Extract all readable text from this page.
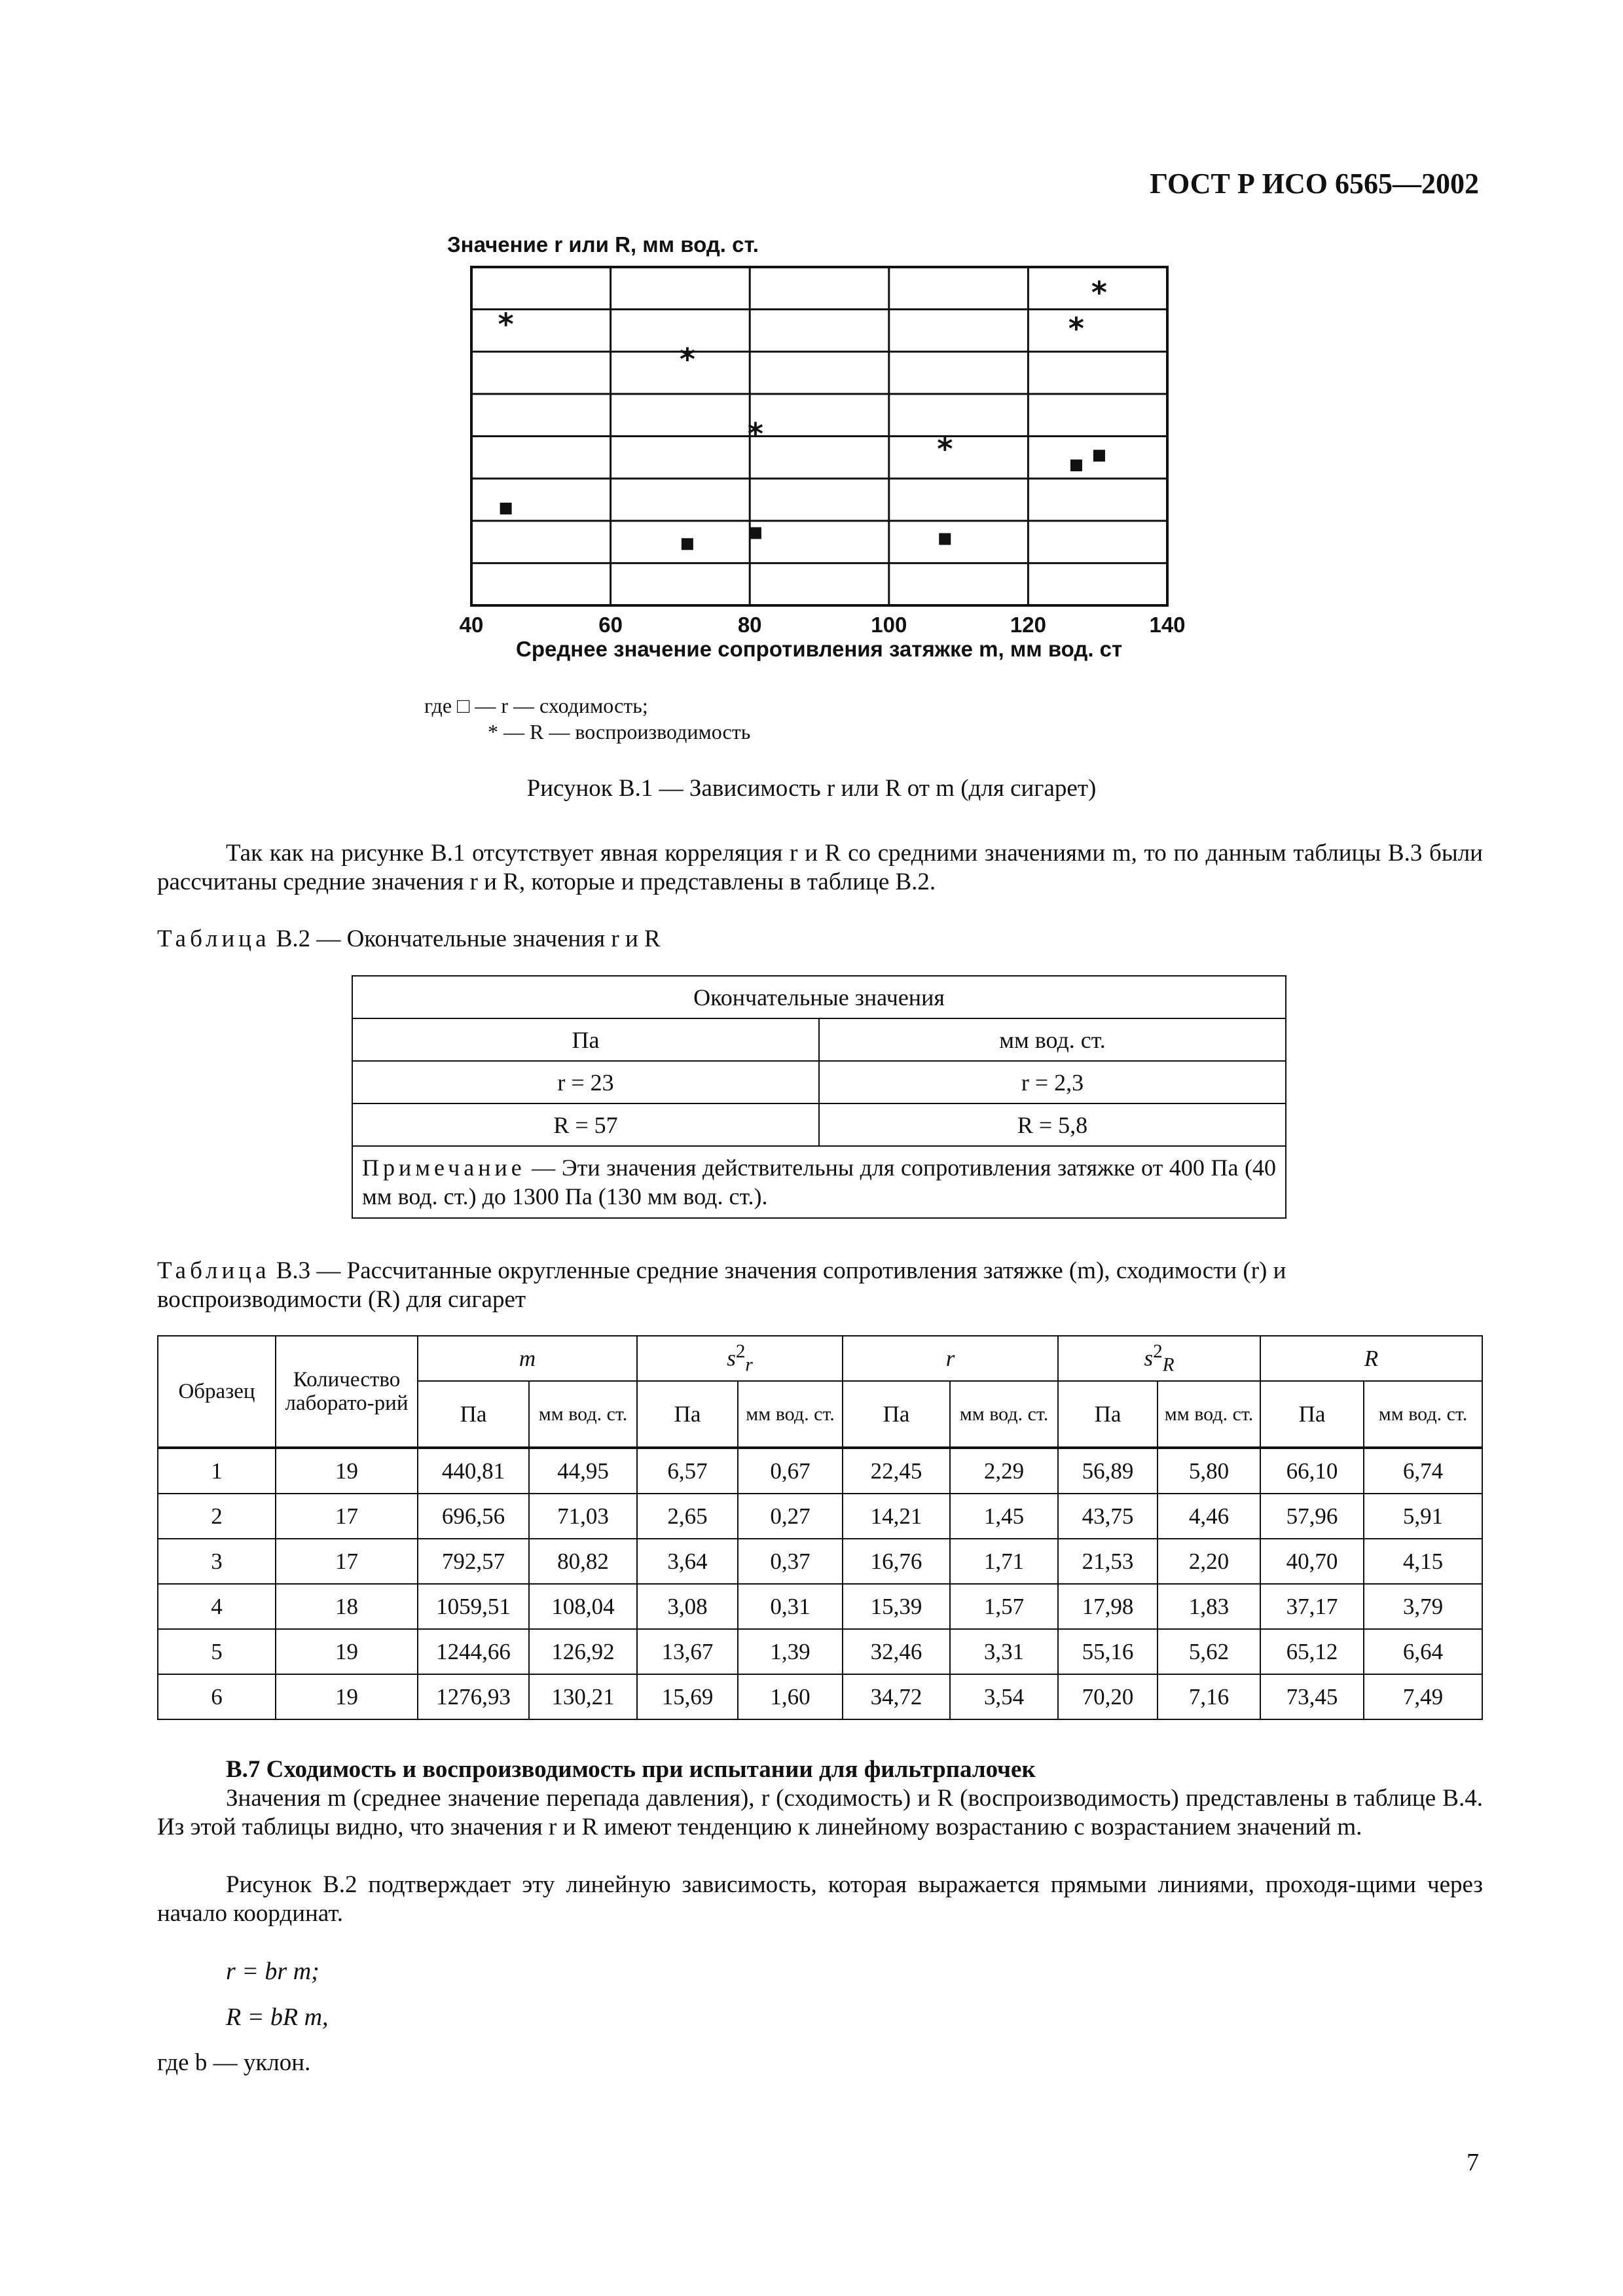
ГОСТ Р ИСО 6565—2002
Значение r или R, мм вод. ст.
40	60	80	100	120	140
*
*
*	*
*
*
Среднее значение сопротивления затяжке m, мм вод. ст
где □ — r — сходимость;
* — R — воспроизводимость
Рисунок В.1 — Зависимость r или R от m (для сигарет)
Так как на рисунке В.1 отсутствует явная корреляция r и R со средними значениями m, то по данным таблицы В.3 были рассчитаны средние значения r и R, которые и представлены в таблице В.2.
Таблица В.2 — Окончательные значения r и R
Окончательные значения	
Па	мм вод. ст.
r = 23	r = 2,3
R = 57	R = 5,8
Примечание — Эти значения действительны для сопротивления затяжке от 400 Па (40 мм вод. ст.) до 1300 Па (130 мм вод. ст.).	
Таблица В.3 — Рассчитанные округленные средние значения сопротивления затяжке (m), сходимости (r) и воспроизводимости (R) для сигарет
Образец	Количество лаборато-рий	m		$s^2_r$		r		$s^2_R$		R	
		Па	мм вод. ст.	Па	мм вод. ст.	Па	мм вод. ст.	Па	мм вод. ст.	Па	мм вод. ст.
1	19	440,81	44,95	6,57	0,67	22,45	2,29	56,89	5,80	66,10	6,74
2	17	696,56	71,03	2,65	0,27	14,21	1,45	43,75	4,46	57,96	5,91
3	17	792,57	80,82	3,64	0,37	16,76	1,71	21,53	2,20	40,70	4,15
4	18	1059,51	108,04	3,08	0,31	15,39	1,57	17,98	1,83	37,17	3,79
5	19	1244,66	126,92	13,67	1,39	32,46	3,31	55,16	5,62	65,12	6,64
6	19	1276,93	130,21	15,69	1,60	34,72	3,54	70,20	7,16	73,45	7,49
В.7 Сходимость и воспроизводимость при испытании для фильтрпалочек
Значения m (среднее значение перепада давления), r (сходимость) и R (воспроизводимость) представлены в таблице В.4. Из этой таблицы видно, что значения r и R имеют тенденцию к линейному возрастанию с возрастанием значений m.
Рисунок В.2 подтверждает эту линейную зависимость, которая выражается прямыми линиями, проходя-щими через начало координат.
r = br m;
R = bR m,
где b — уклон.
7
